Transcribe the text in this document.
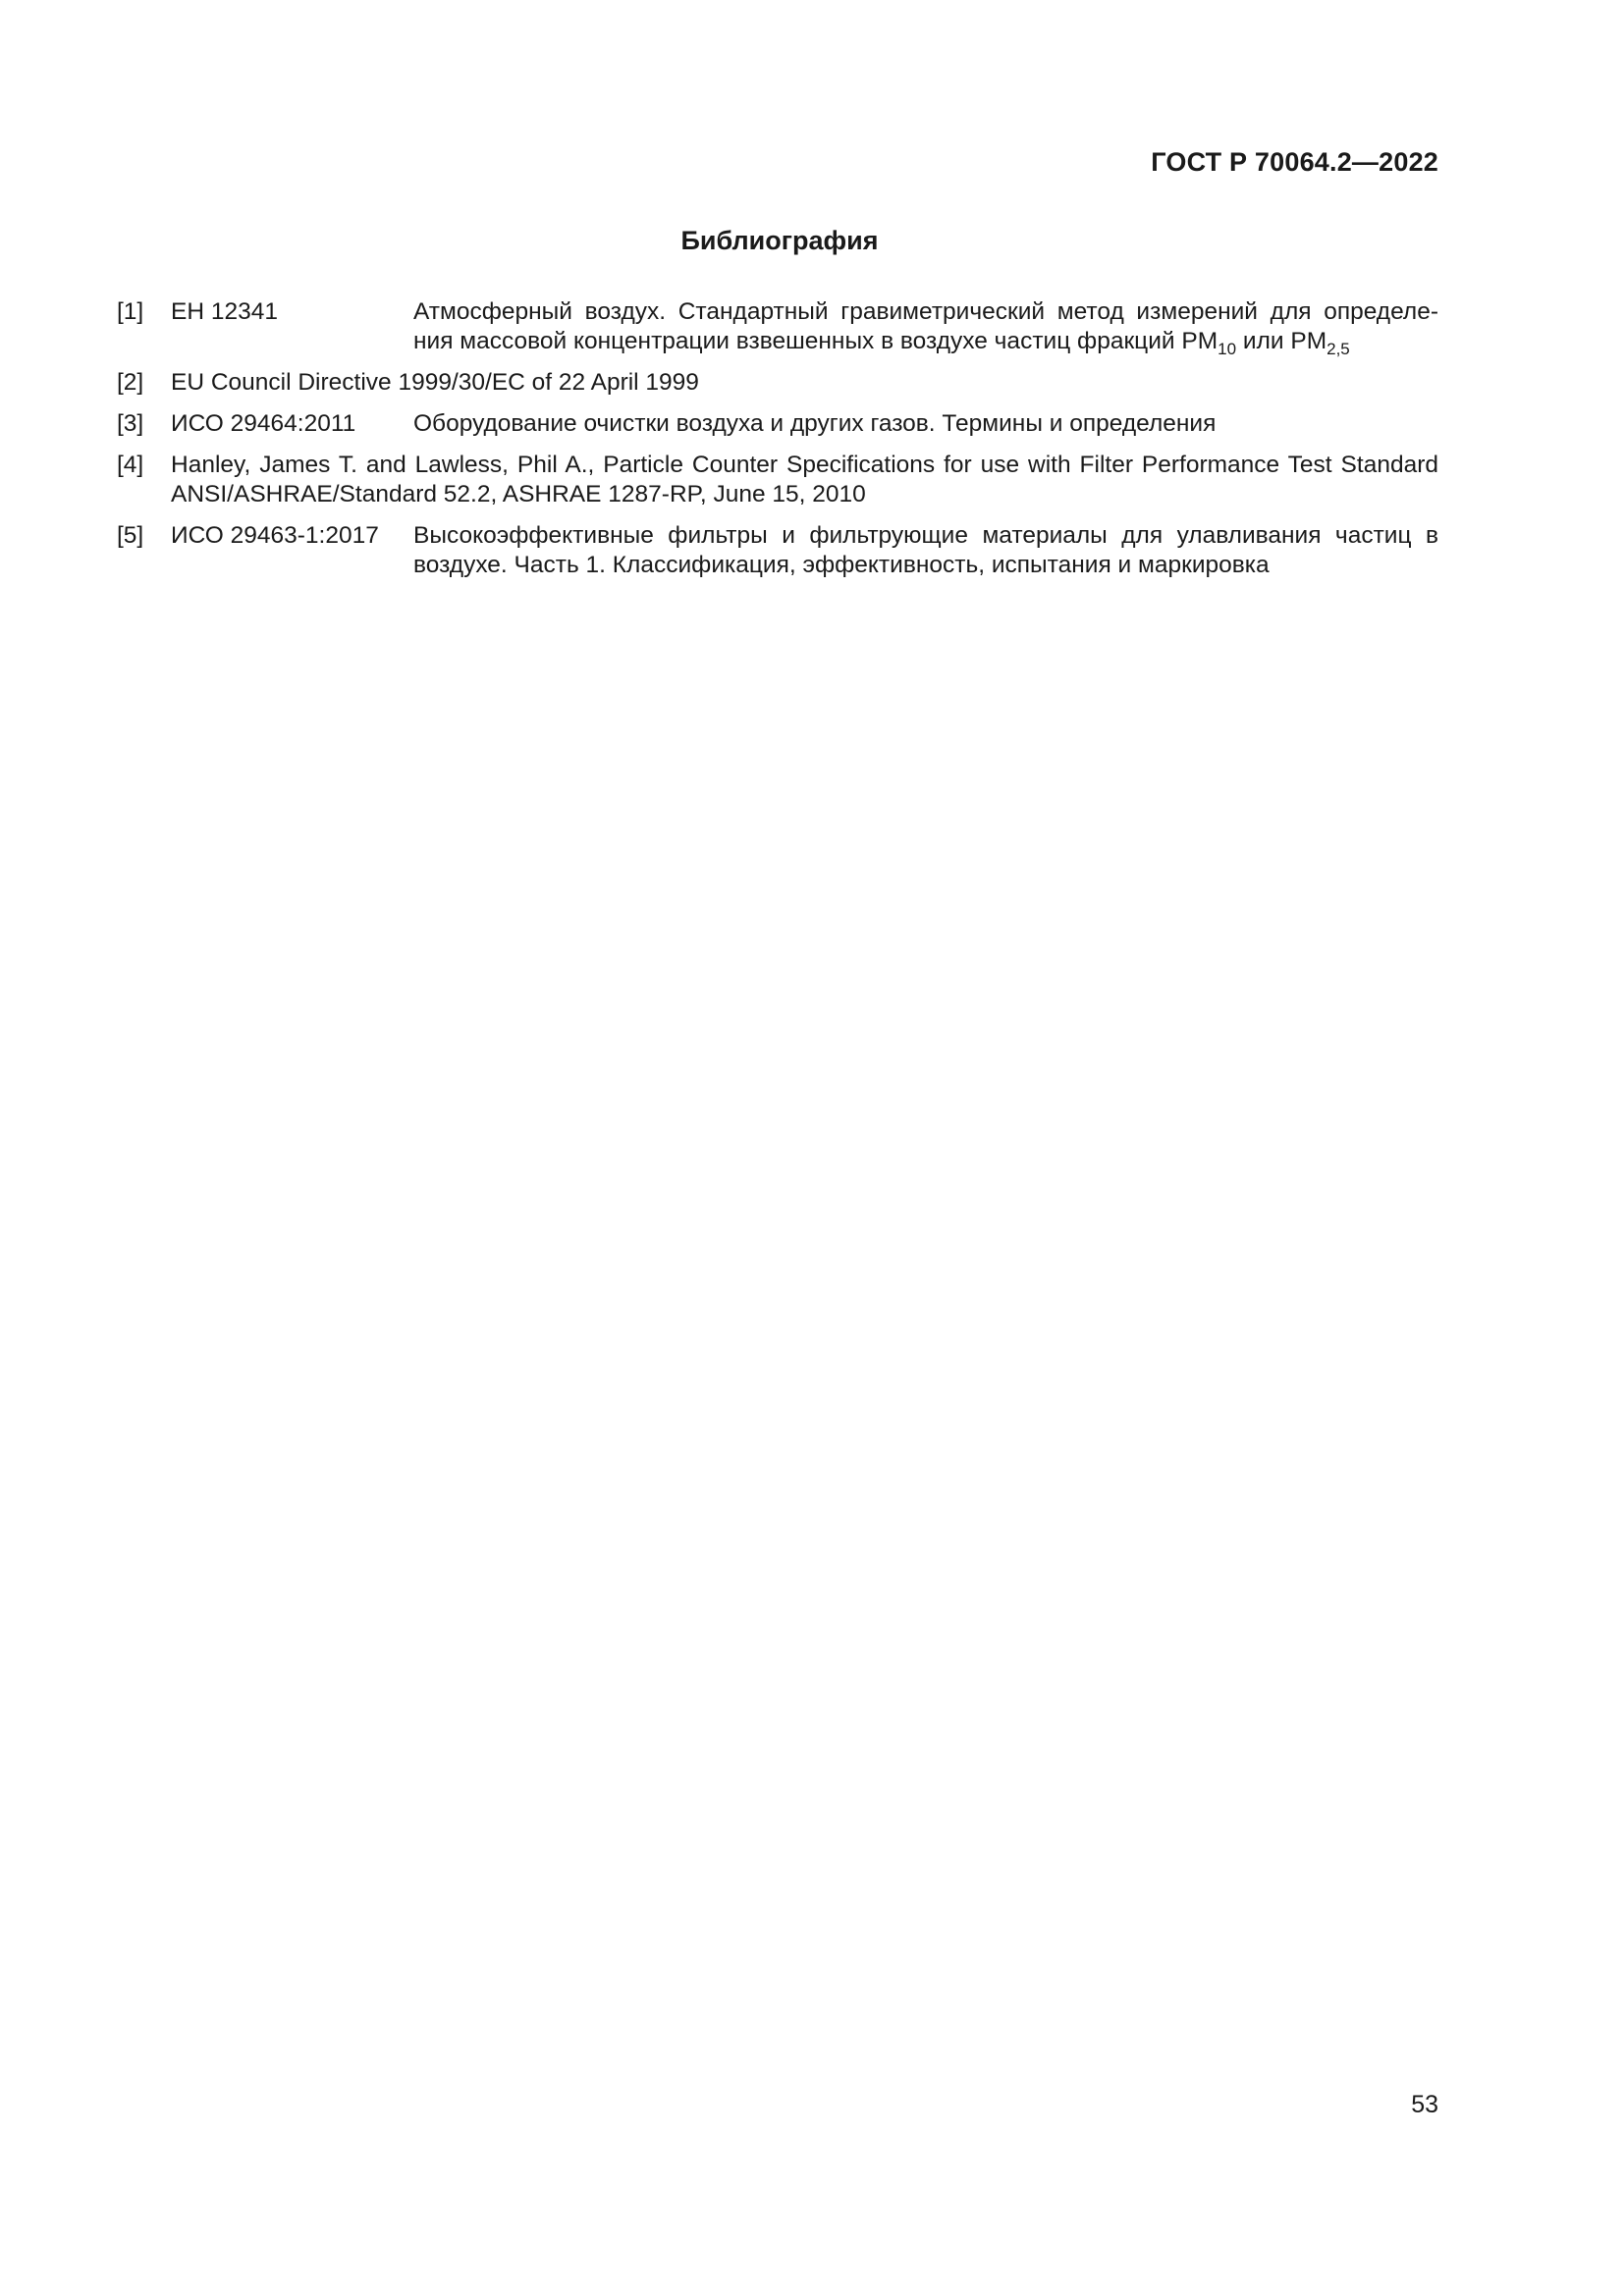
ГОСТ Р 70064.2—2022
Библиография
[1] ЕН 12341	Атмосферный воздух. Стандартный гравиметрический метод измерений для определе-
ния массовой концентрации взвешенных в воздухе частиц фракций $PM_{10}$ или $PM_{2,5}$
[2] EU Council Directive 1999/30/EC of 22 April 1999
[3] ИСО 29464:2011 Оборудование очистки воздуха и других газов. Термины и определения
[4] Hanley, James T. and Lawless, Phil A., Particle Counter Specifications for use with Filter Performance Test Standard
ANSI/ASHRAE/Standard 52.2, ASHRAE 1287-RP, June 15, 2010
[5] ИСО 29463-1:2017 Высокоэффективные фильтры и фильтрующие материалы для улавливания частиц в
воздухе. Часть 1. Классификация, эффективность, испытания и маркировка
53
